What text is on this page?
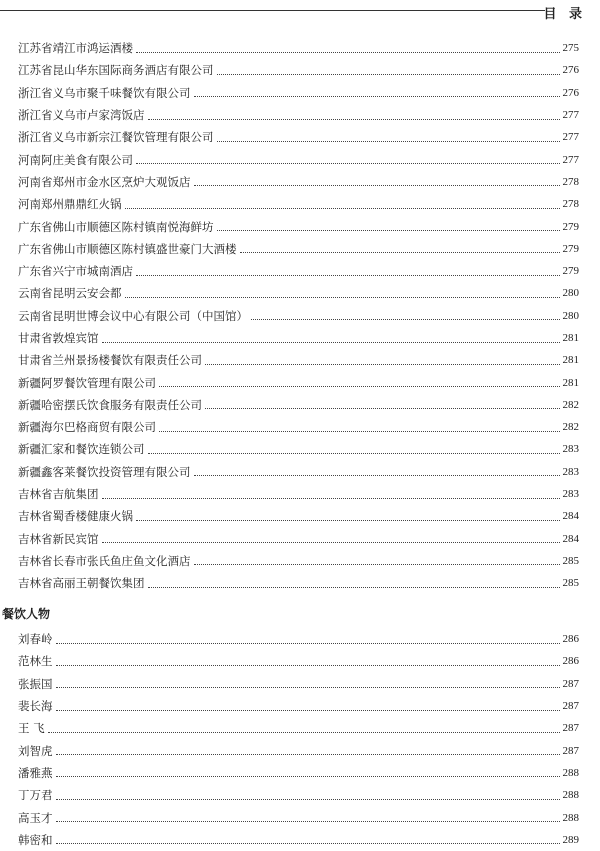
目 录
江苏省靖江市鸿运酒楼	275
江苏省昆山华东国际商务酒店有限公司	276
浙江省义乌市聚千味餐饮有限公司	276
浙江省义乌市卢家湾饭店	277
浙江省义乌市新宗江餐饮管理有限公司	277
河南阿庄美食有限公司	277
河南省郑州市金水区烹炉大观饭店	278
河南郑州鼎鼎红火锅	278
广东省佛山市顺德区陈村镇南悦海鲜坊	279
广东省佛山市顺德区陈村镇盛世豪门大酒楼	279
广东省兴宁市城南酒店	279
云南省昆明云安会都	280
云南省昆明世博会议中心有限公司（中国馆）	280
甘肃省敦煌宾馆	281
甘肃省兰州景扬楼餐饮有限责任公司	281
新疆阿罗餐饮管理有限公司	281
新疆哈密摆氏饮食服务有限责任公司	282
新疆海尔巴格商贸有限公司	282
新疆汇家和餐饮连锁公司	283
新疆鑫客莱餐饮投资管理有限公司	283
吉林省吉航集团	283
吉林省蜀香楼健康火锅	284
吉林省新民宾馆	284
吉林省长春市张氏鱼庄鱼文化酒店	285
吉林省高丽王朝餐饮集团	285
餐饮人物
刘春岭	286
范林生	286
张振国	287
裴长海	287
王 飞	287
刘智虎	287
潘雅燕	288
丁万君	288
高玉才	288
韩密和	289
